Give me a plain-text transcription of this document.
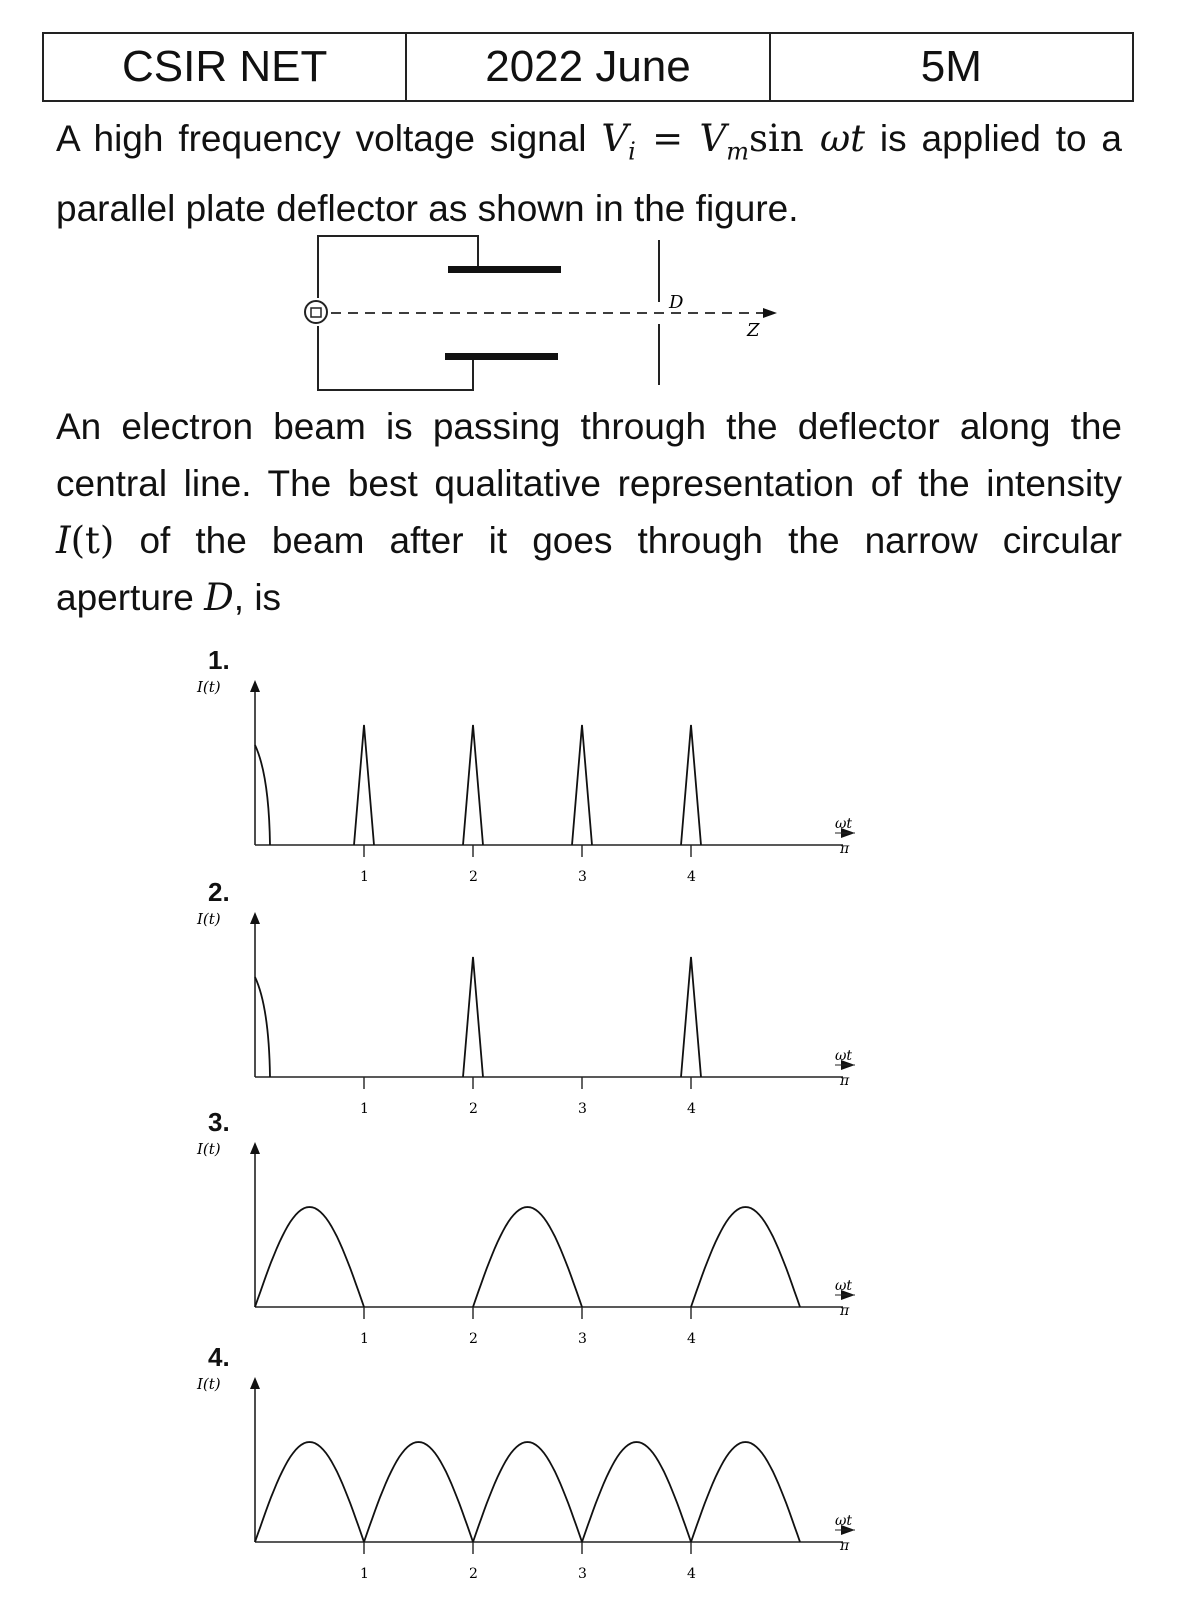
CSIR NET	2022 June	5M
A high frequency voltage signal $V_i = V_m\sin$ ωt is applied to a parallel plate deflector as shown in the figure.
D
Z
An electron beam is passing through the deflector along the central line. The best qualitative representation of the intensity I(t) of the beam after it goes through the narrow circular aperture D, is
1.
I(t)
ωt
π
1	2	3	4
2.
I(t)
ωt
π
1	2	3	4
3.
I(t)
ωt
π
1	2	3	4
4.
I(t)
ωt
π
1	2	3	4
